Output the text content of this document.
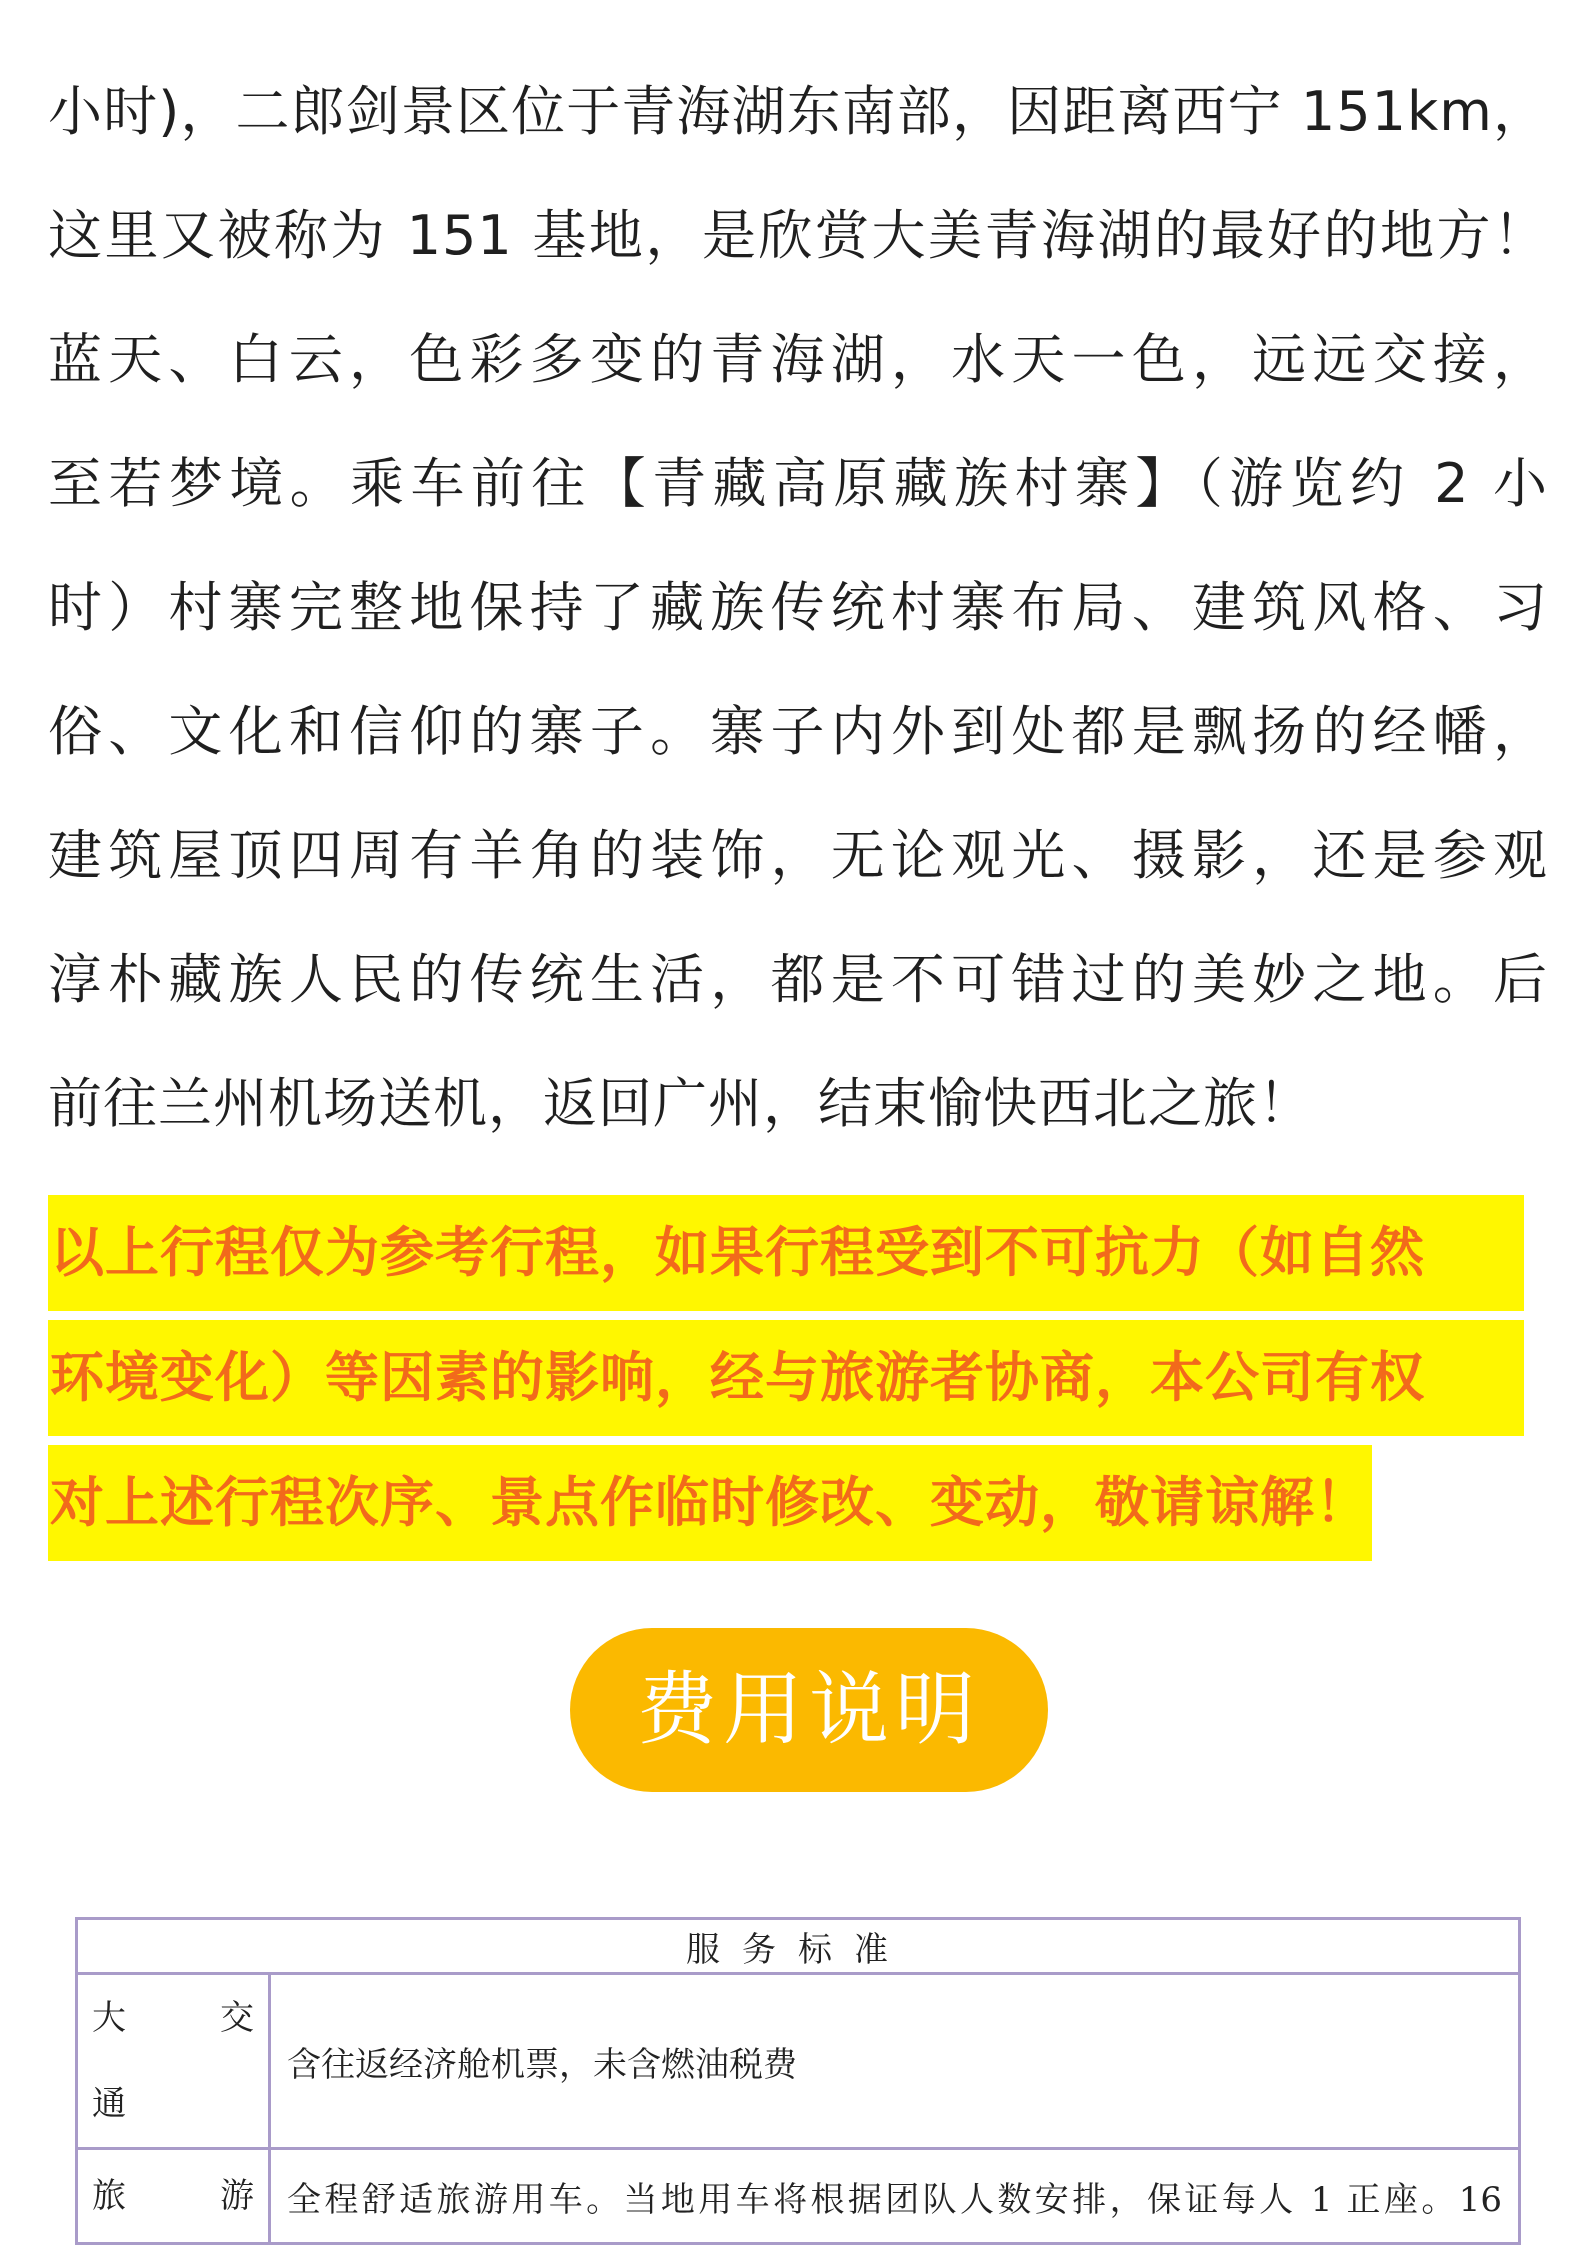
小时)，二郎剑景区位于青海湖东南部，因距离西宁 151km，
这里又被称为 151 基地，是欣赏大美青海湖的最好的地方！
蓝天、白云，色彩多变的青海湖，水天一色，远远交接，
至若梦境。乘车前往【青藏高原藏族村寨】（游览约 2 小
时）村寨完整地保持了藏族传统村寨布局、建筑风格、习
俗、文化和信仰的寨子。寨子内外到处都是飘扬的经幡，
建筑屋顶四周有羊角的装饰，无论观光、摄影，还是参观
淳朴藏族人民的传统生活，都是不可错过的美妙之地。后
前往兰州机场送机，返回广州，结束愉快西北之旅！
以上行程仅为参考行程，如果行程受到不可抗力（如自然
环境变化）等因素的影响，经与旅游者协商，本公司有权
对上述行程次序、景点作临时修改、变动，敬请谅解！
费用说明
服务标准	

大 交
通	含往返经济舱机票，未含燃油税费

旅 游	全程舒适旅游用车。当地用车将根据团队人数安排，保证每人 1 正座。16
